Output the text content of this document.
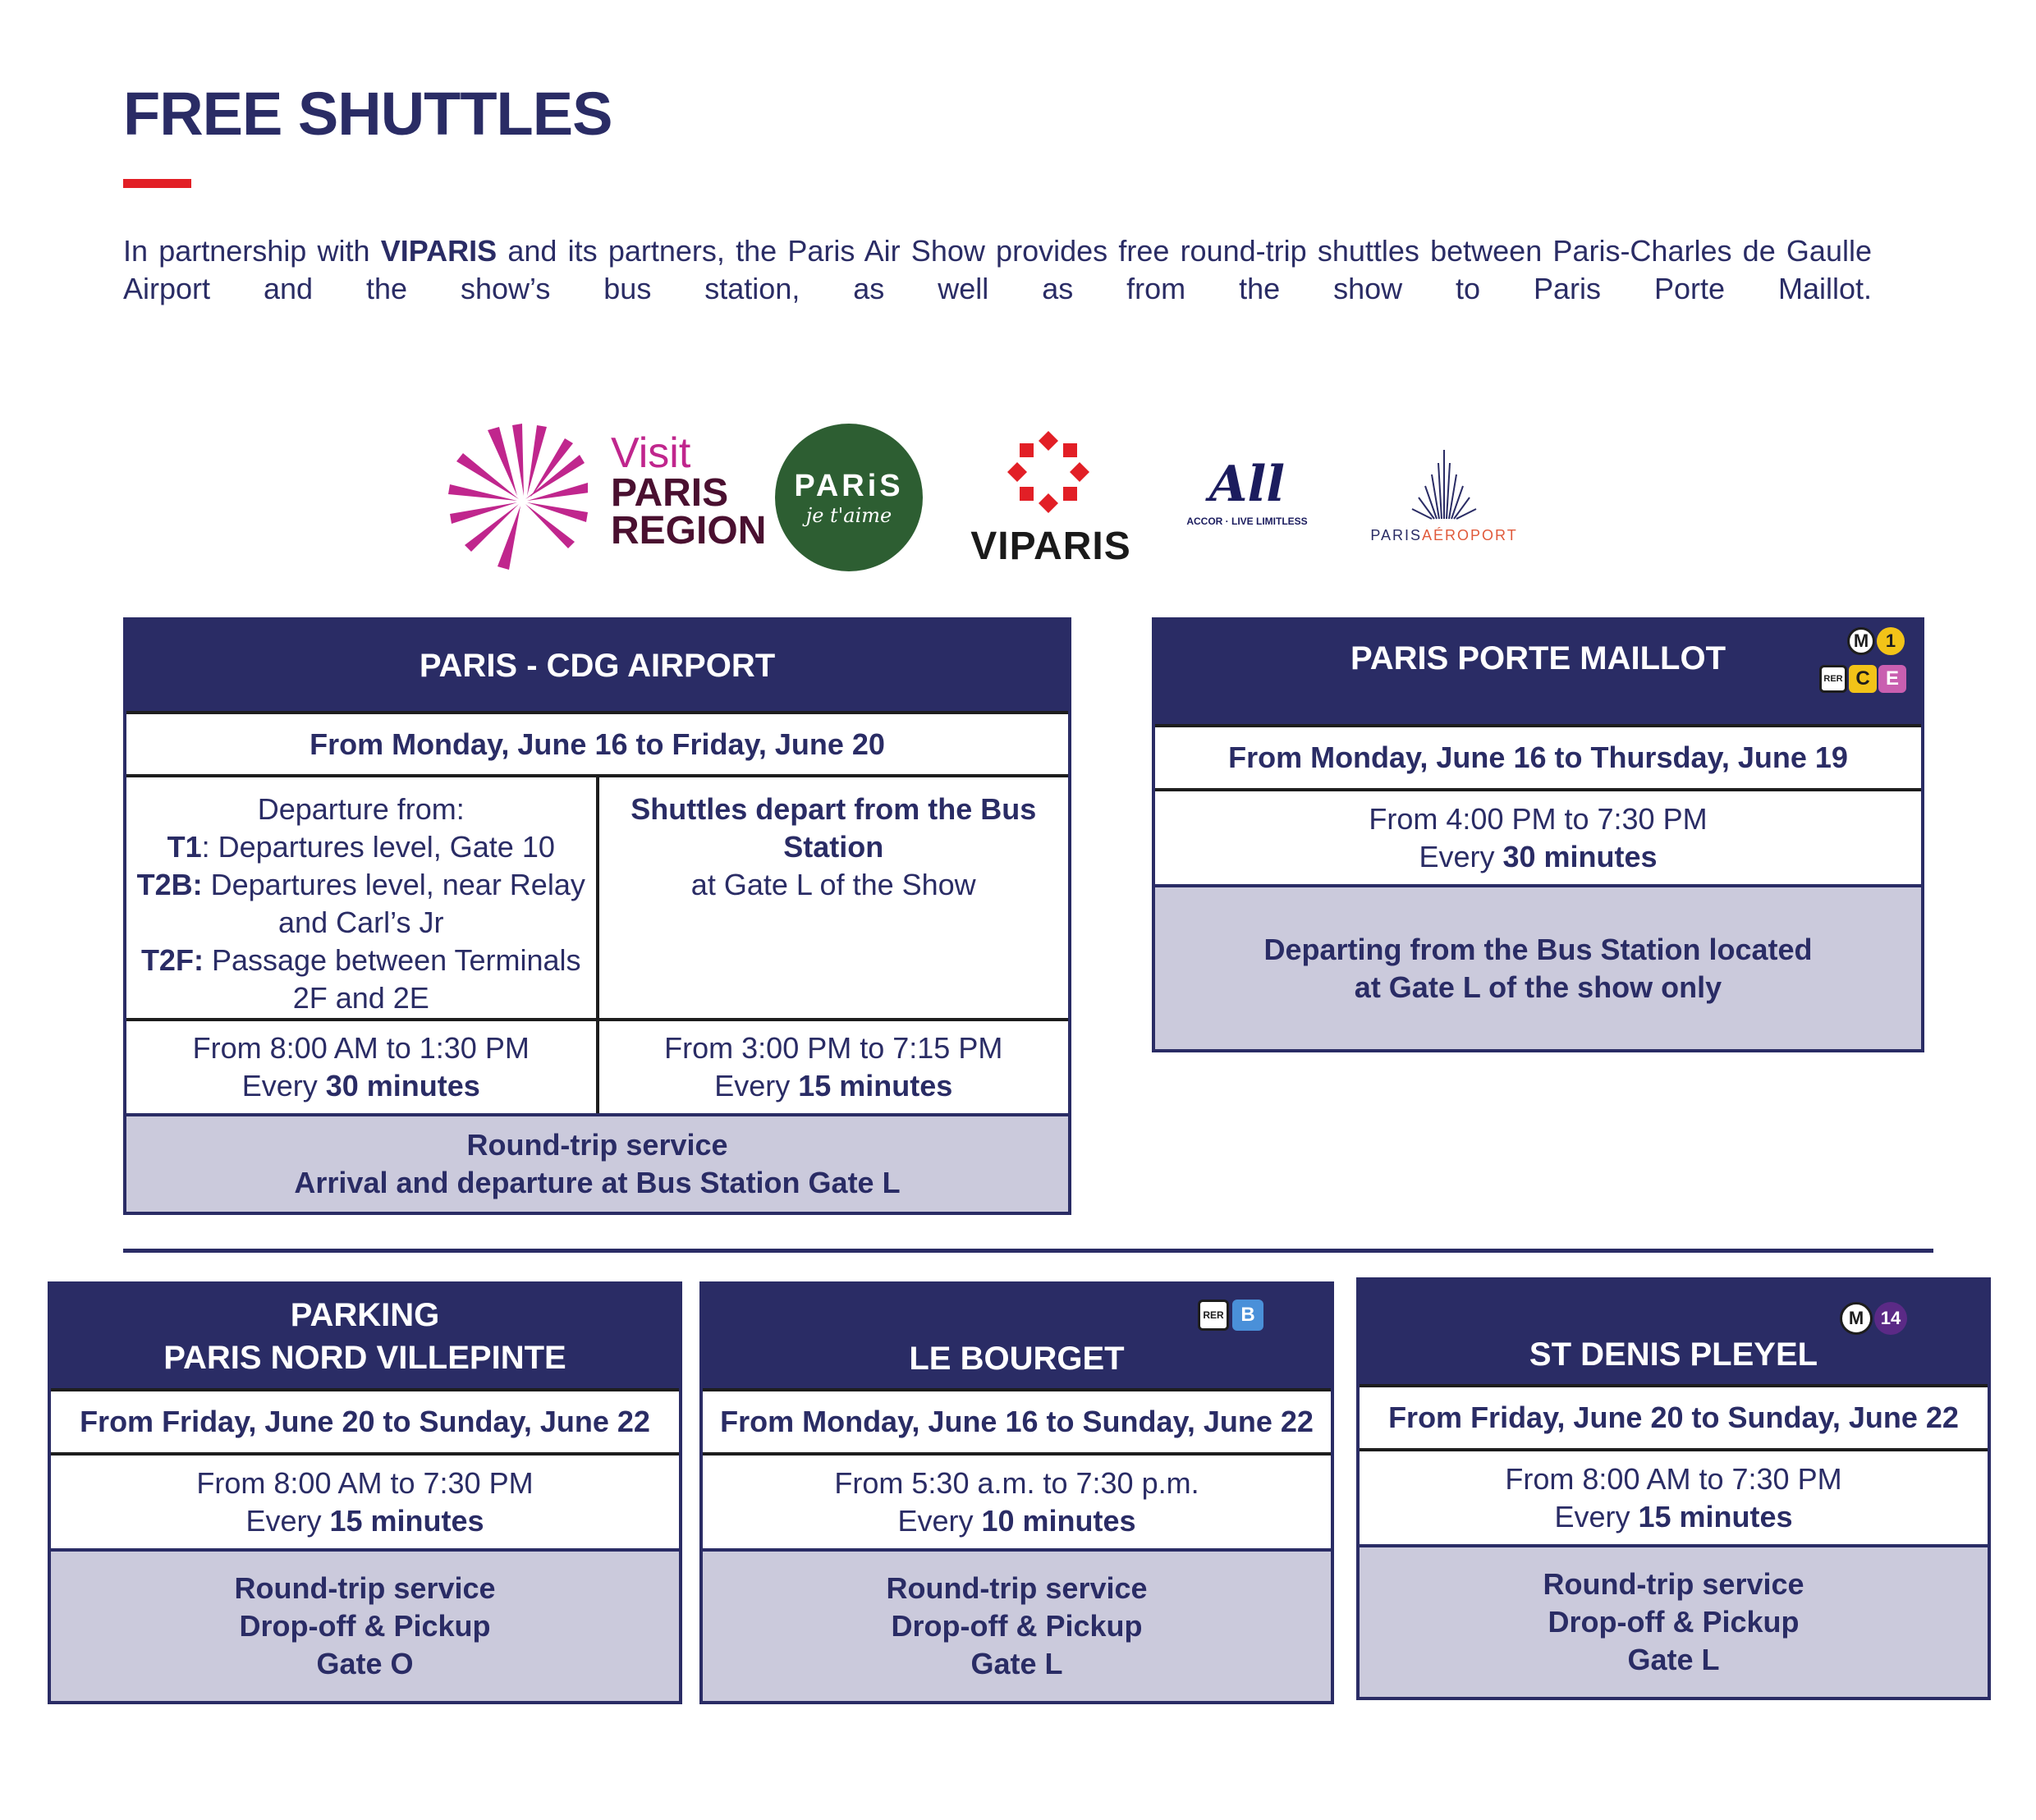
FREE SHUTTLES
In partnership with VIPARIS and its partners, the Paris Air Show provides free round-trip shuttles between Paris-Charles de Gaulle Airport and the show’s bus station, as well as from the show to Paris Porte Maillot.
Visit
PARIS
REGION
PARiS
je t'aime
VIPARIS
All
ACCOR · LIVE LIMITLESS
PARISAÉROPORT
PARIS - CDG AIRPORT
From Monday, June 16 to Friday, June 20
Departure from:
T1: Departures level, Gate 10
T2B: Departures level, near Relay and Carl’s Jr
T2F: Passage between Terminals 2F and 2E
Shuttles depart from the Bus Station
at Gate L of the Show
From 8:00 AM to 1:30 PM
Every 30 minutes
From 3:00 PM to 7:15 PM
Every 15 minutes
Round-trip service
Arrival and departure at Bus Station Gate L
PARIS PORTE MAILLOT	M 1
RER C E
From Monday, June 16 to Thursday, June 19
From 4:00 PM to 7:30 PM
Every 30 minutes
Departing from the Bus Station located
at Gate L of the show only
PARKING
PARIS NORD VILLEPINTE
From Friday, June 20 to Sunday, June 22
From 8:00 AM to 7:30 PM
Every 15 minutes
Round-trip service
Drop-off & Pickup
Gate O
LE BOURGET
RER B
From Monday, June 16 to Sunday, June 22
From 5:30 a.m. to 7:30 p.m.
Every 10 minutes
Round-trip service
Drop-off & Pickup
Gate L
ST DENIS PLEYEL
M 14
From Friday, June 20 to Sunday, June 22
From 8:00 AM to 7:30 PM
Every 15 minutes
Round-trip service
Drop-off & Pickup
Gate L
